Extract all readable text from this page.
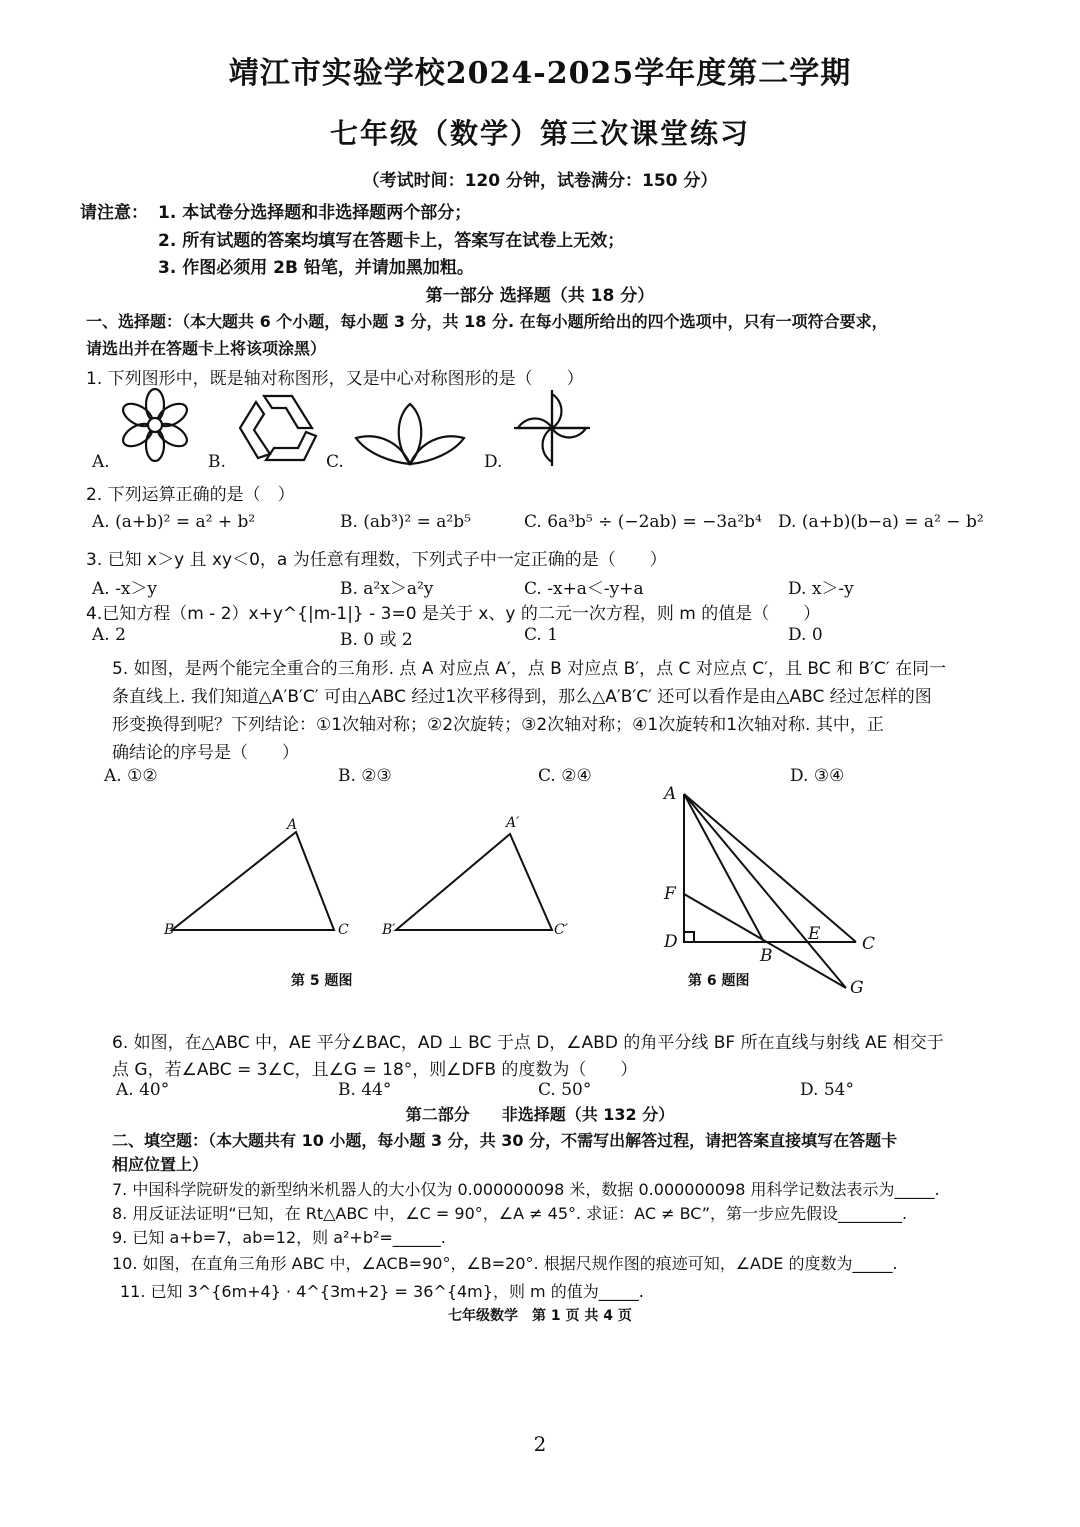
靖江市实验学校2024-2025学年度第二学期
七年级（数学）第三次课堂练习
（考试时间：120 分钟，试卷满分：150 分）
请注意： 1. 本试卷分选择题和非选择题两个部分；
2. 所有试题的答案均填写在答题卡上，答案写在试卷上无效；
3. 作图必须用 2B 铅笔，并请加黑加粗。
第一部分 选择题（共 18 分）
一、选择题：（本大题共 6 个小题，每小题 3 分，共 18 分. 在每小题所给出的四个选项中，只有一项符合要求，
请选出并在答题卡上将该项涂黑）
1. 下列图形中，既是轴对称图形，又是中心对称图形的是（　　）
A.	B.	C.	D.
2. 下列运算正确的是（　）
A. (a+b)² = a² + b²	B. (ab³)² = a²b⁵	C. 6a³b⁵ ÷ (−2ab) = −3a²b⁴ D. (a+b)(b−a) = a² − b²
3. 已知 x＞y 且 xy＜0，a 为任意有理数，下列式子中一定正确的是（　　）
A. -x＞y	B. a²x＞a²y	C. -x+a＜-y+a	D. x＞-y
4.已知方程（m - 2）x+y^{|m-1|} - 3=0 是关于 x、y 的二元一次方程，则 m 的值是（　　）
A. 2	B. 0 或 2	C. 1	D. 0
5. 如图，是两个能完全重合的三角形. 点 A 对应点 A′，点 B 对应点 B′，点 C 对应点 C′，且 BC 和 B′C′ 在同一
条直线上. 我们知道△A′B′C′ 可由△ABC 经过1次平移得到，那么△A′B′C′ 还可以看作是由△ABC 经过怎样的图
形变换得到呢？下列结论：①1次轴对称；②2次旋转；③2次轴对称；④1次旋转和1次轴对称. 其中，正
确结论的序号是（　　）
A. ①②	B. ②③	C. ②④	D. ③④
A
B	C
A′
B′	C′
第 5 题图
A
F
D
B
E C
G
第 6 题图
6. 如图，在△ABC 中，AE 平分∠BAC，AD ⊥ BC 于点 D，∠ABD 的角平分线 BF 所在直线与射线 AE 相交于
点 G，若∠ABC = 3∠C，且∠G = 18°，则∠DFB 的度数为（　　）
A. 40°	B. 44°	C. 50°	D. 54°
第二部分　　非选择题（共 132 分）
二、填空题：（本大题共有 10 小题，每小题 3 分，共 30 分，不需写出解答过程，请把答案直接填写在答题卡
相应位置上）
7. 中国科学院研发的新型纳米机器人的大小仅为 0.000000098 米，数据 0.000000098 用科学记数法表示为_____.
8. 用反证法证明“已知，在 Rt△ABC 中，∠C = 90°，∠A ≠ 45°. 求证：AC ≠ BC”，第一步应先假设________.
9. 已知 a+b=7，ab=12，则 a²+b²=______.
10. 如图，在直角三角形 ABC 中，∠ACB=90°，∠B=20°. 根据尺规作图的痕迹可知，∠ADE 的度数为_____.
11. 已知 3^{6m+4} · 4^{3m+2} = 36^{4m}，则 m 的值为_____.
七年级数学　第 1 页 共 4 页
2
